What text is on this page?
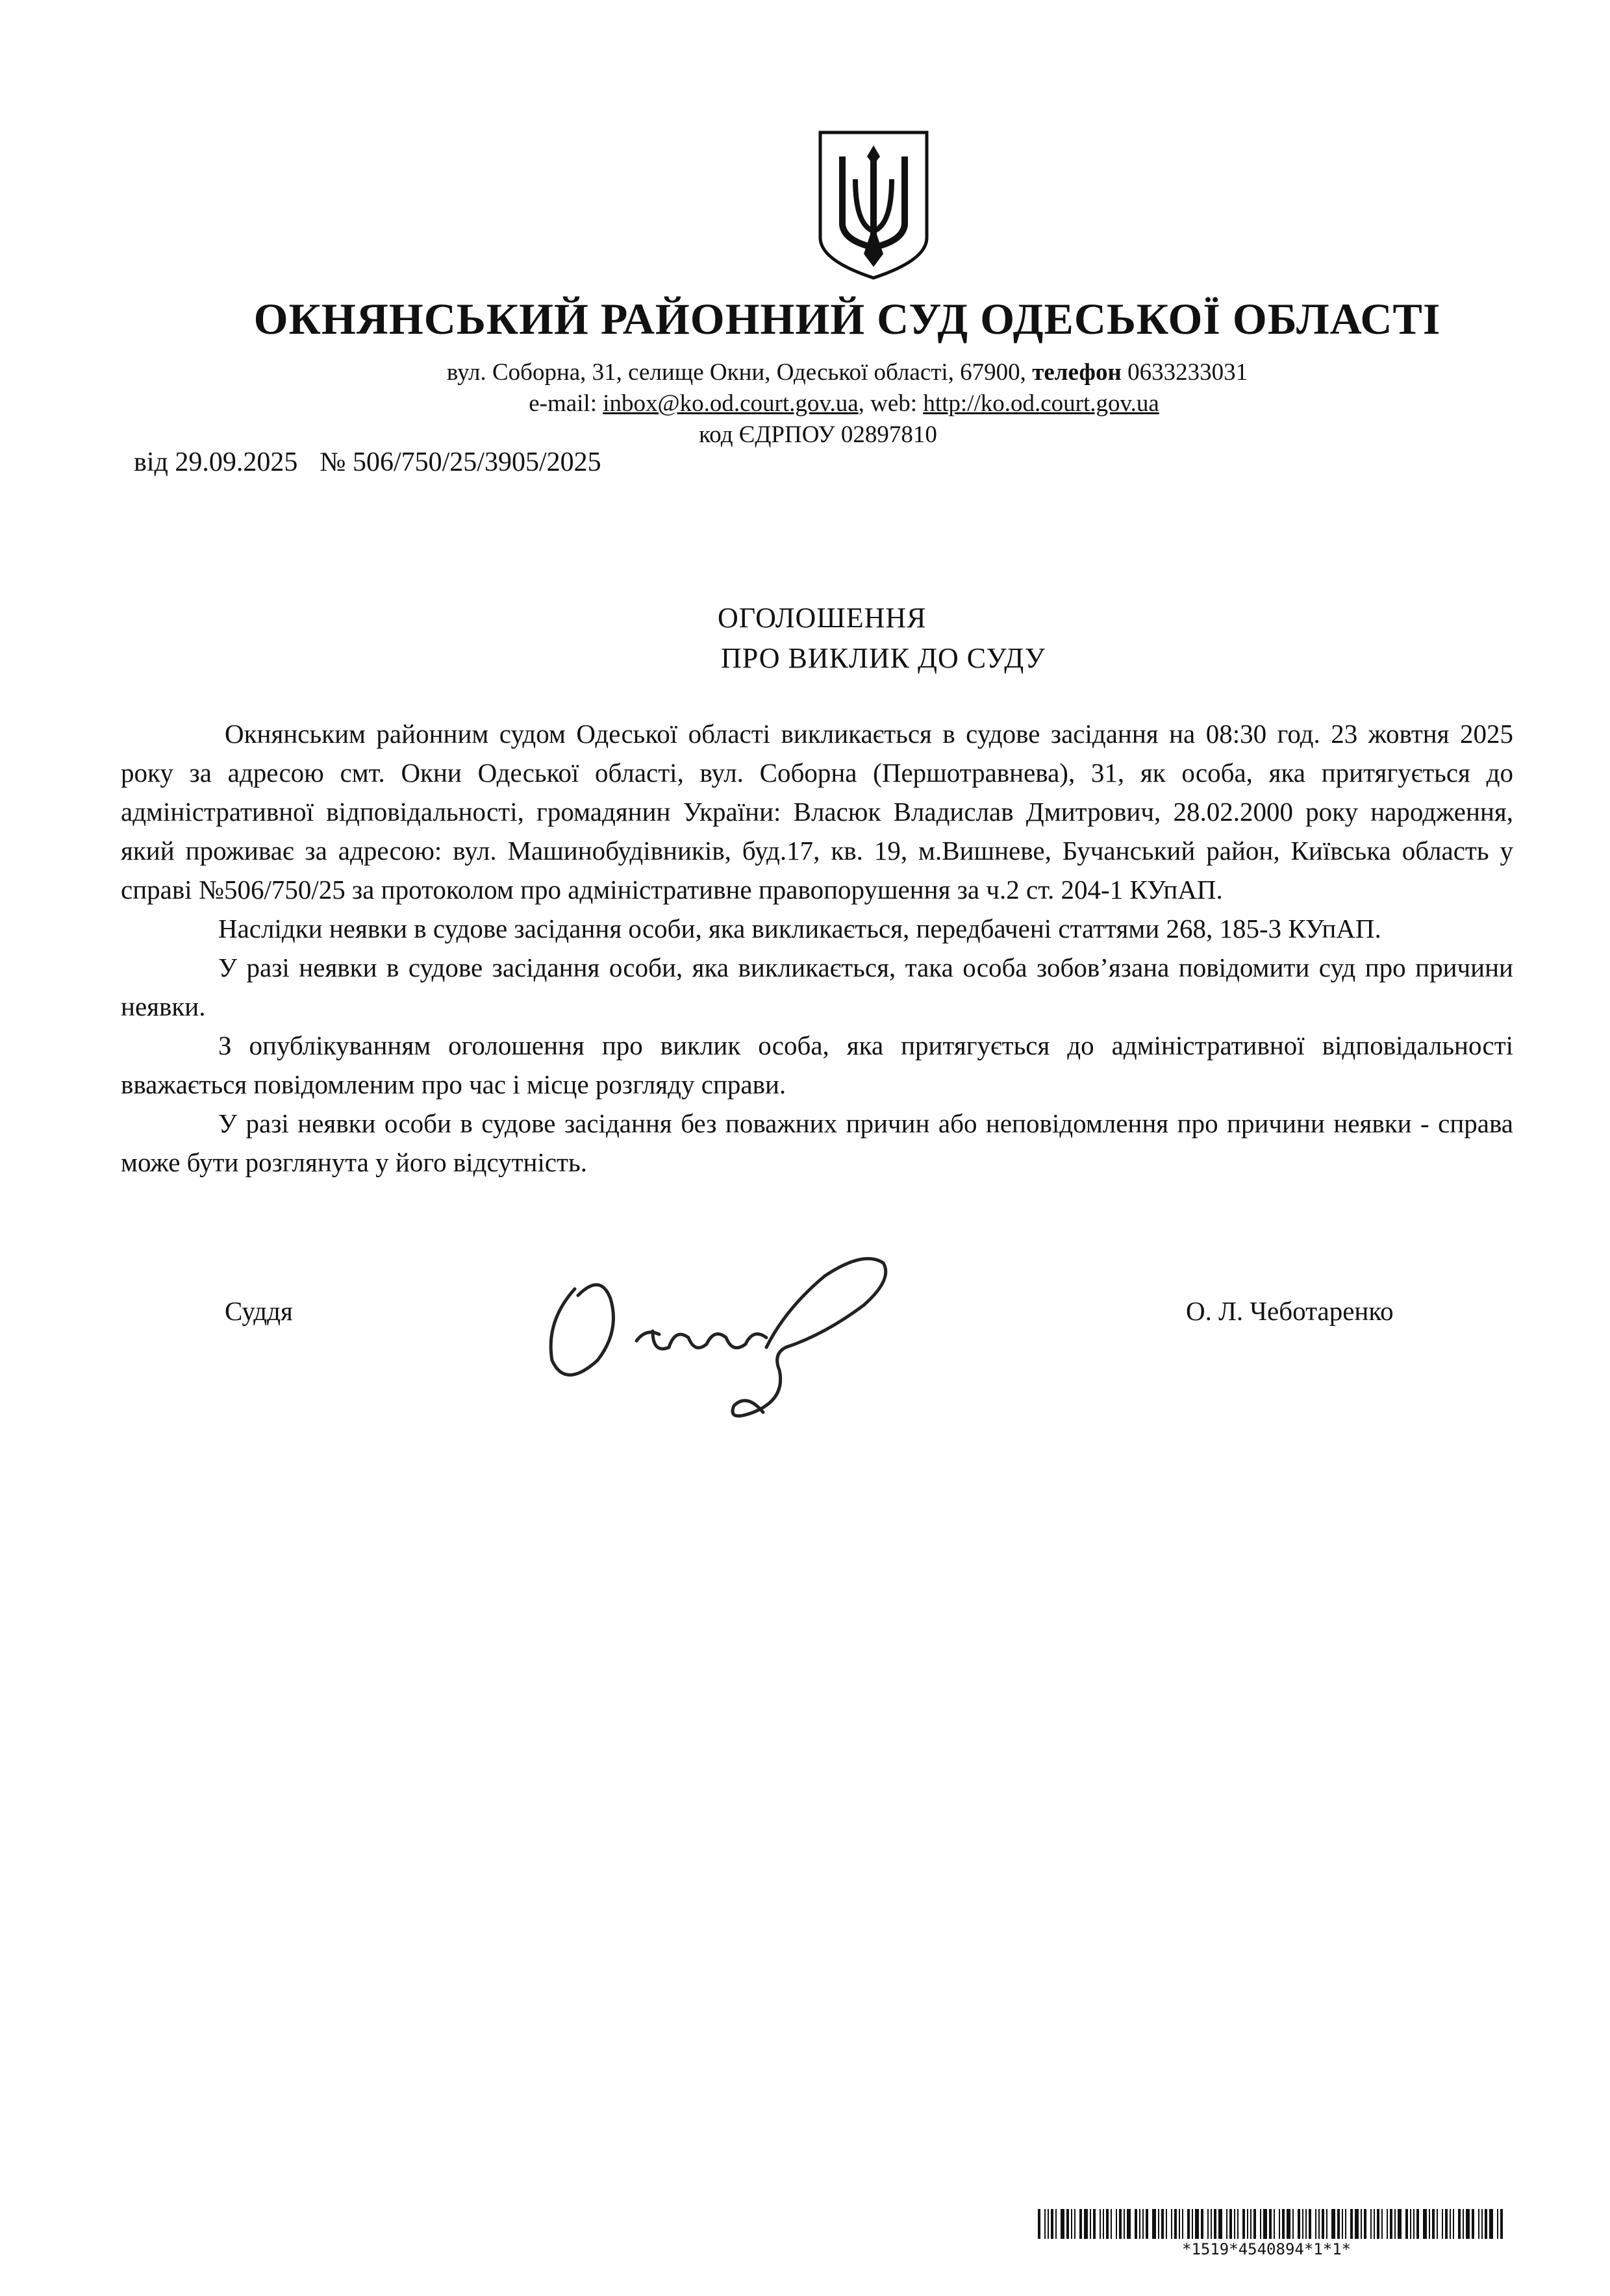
ОКНЯНСЬКИЙ РАЙОННИЙ СУД ОДЕСЬКОЇ ОБЛАСТІ
вул. Соборна, 31, селище Окни, Одеської області, 67900, телефон 0633233031
e-mail: inbox@ko.od.court.gov.ua, web: http://ko.od.court.gov.ua
код ЄДРПОУ 02897810
від 29.09.2025 № 506/750/25/3905/2025
ОГОЛОШЕННЯ
ПРО ВИКЛИК ДО СУДУ

Окнянським районним судом Одеської області викликається в судове засідання на 08:30 год. 23 жовтня 2025 року за адресою смт. Окни Одеської області, вул. Соборна (Першотравнева), 31, як особа, яка притягується до адміністративної відповідальності, громадянин України: Власюк Владислав Дмитрович, 28.02.2000 року народження, який проживає за адресою: вул. Машинобудівників, буд.17, кв. 19, м.Вишневе, Бучанський район, Київська область у справі №506/750/25 за протоколом про адміністративне правопорушення за ч.2 ст. 204-1 КУпАП.

Наслідки неявки в судове засідання особи, яка викликається, передбачені статтями 268, 185-3 КУпАП.

У разі неявки в судове засідання особи, яка викликається, така особа зобов’язана повідомити суд про причини неявки.

З опублікуванням оголошення про виклик особа, яка притягується до адміністративної відповідальності вважається повідомленим про час і місце розгляду справи.

У разі неявки особи в судове засідання без поважних причин або неповідомлення про причини неявки - справа може бути розглянута у його відсутність.

Суддя	О. Л. Чеботаренко
*1519*4540894*1*1*
